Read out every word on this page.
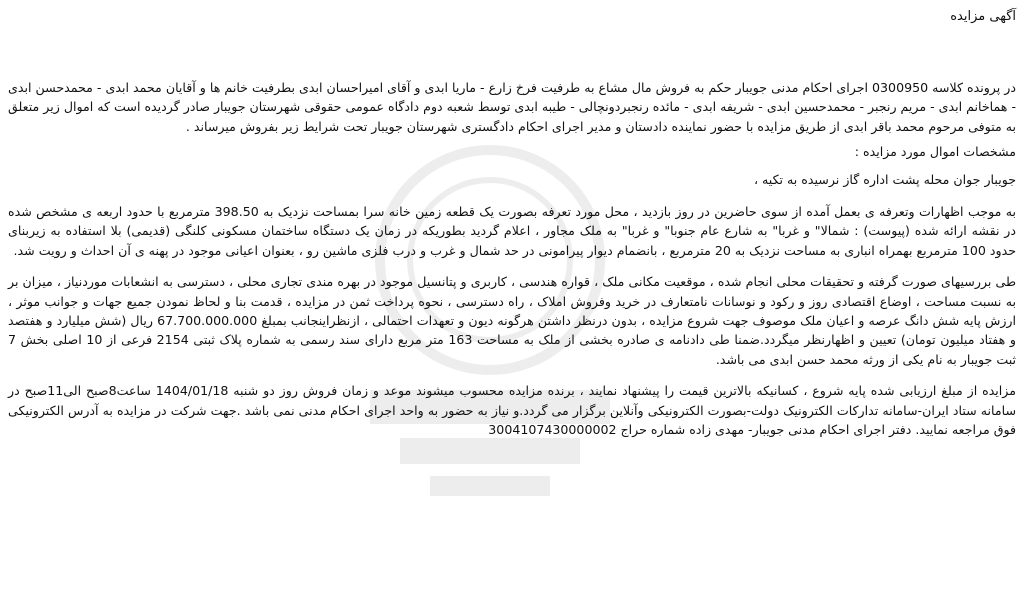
آگهی مزایده

در پرونده کلاسه 0300950 اجرای احکام مدنی جویبار حکم به فروش مال مشاع به طرفیت فرخ زارع - ماریا ابدی و آقای امیراحسان ابدی بطرفیت خانم ها و آقایان محمد ابدی - محمدحسن ابدی - هماخانم ابدی - مریم رنجبر - محمدحسین ابدی - شریفه ابدی - مائده رنجبردونچالی - طیبه ابدی توسط شعبه دوم دادگاه عمومی حقوقی شهرستان جویبار صادر گردیده است که اموال زیر متعلق به متوفی مرحوم محمد باقر ابدی از طریق مزایده با حضور نماینده دادستان و مدیر اجرای احکام دادگستری شهرستان جویبار تحت شرایط زیر بفروش میرساند .

مشخصات اموال مورد مزایده :

جویبار جوان محله پشت اداره گاز نرسیده به تکیه ،

به موجب اظهارات وتعرفه ی بعمل آمده از سوی حاضرین در روز بازدید ، محل مورد تعرفه بصورت یک قطعه زمین خانه سرا بمساحت نزدیک به 398.50 مترمربع با حدود اربعه ی مشخص شده در نقشه ارائه شده (پیوست) : شمالا" و غربا" به شارع عام جنوبا" و غربا" به ملک مجاور ، اعلام گردید بطوریکه در زمان یک دستگاه ساختمان مسکونی کلنگی (قدیمی) بلا استفاده به زیربنای حدود 100 مترمربع بهمراه انباری به مساحت نزدیک به 20 مترمربع ، بانضمام دیوار پیرامونی در حد شمال و غرب و درب فلزی ماشین رو ، بعنوان اعیانی موجود در پهنه ی آن احداث و رویت شد.

طی بررسیهای صورت گرفته و تحقیقات محلی انجام شده ، موقعیت مکانی ملک ، قواره هندسی ، کاربری و پتانسیل موجود در بهره مندی تجاری محلی ، دسترسی به انشعابات موردنیاز ، میزان بر به نسبت مساحت ، اوضاع اقتصادی روز و رکود و نوسانات نامتعارف در خرید وفروش املاک ، راه دسترسی ، نحوه پرداخت ثمن در مزایده ، قدمت بنا و لحاظ نمودن جمیع جهات و جوانب موثر ، ارزش پایه شش دانگ عرصه و اعیان ملک موصوف جهت شروع مزایده ، بدون درنظر داشتن هرگونه دیون و تعهدات احتمالی ، ازنظراینجانب بمبلغ 67.700.000.000 ریال (شش میلیارد و هفتصد و هفتاد میلیون تومان) تعیین و اظهارنظر میگردد.ضمنا طی دادنامه ی صادره بخشی از ملک به مساحت 163 متر مربع دارای سند رسمی به شماره پلاک ثبتی 2154 فرعی از 10 اصلی بخش 7 ثبت جویبار به نام یکی از ورثه محمد حسن ابدی می باشد.

مزایده از مبلغ ارزیابی شده پایه شروع ، کسانیکه بالاترین قیمت را پیشنهاد نمایند ، برنده مزایده محسوب میشوند موعد و زمان فروش روز دو شنبه 1404/01/18 ساعت8صبح الی11صبح در سامانه ستاد ایران-سامانه تدارکات الکترونیک دولت-بصورت الکترونیکی وآنلاین برگزار می گردد.و نیاز به حضور به واحد اجرای احکام مدنی نمی باشد .جهت شرکت در مزایده به آدرس الکترونیکی فوق مراجعه نمایید. دفتر اجرای احکام مدنی جویبار- مهدی زاده شماره حراج 3004107430000002
